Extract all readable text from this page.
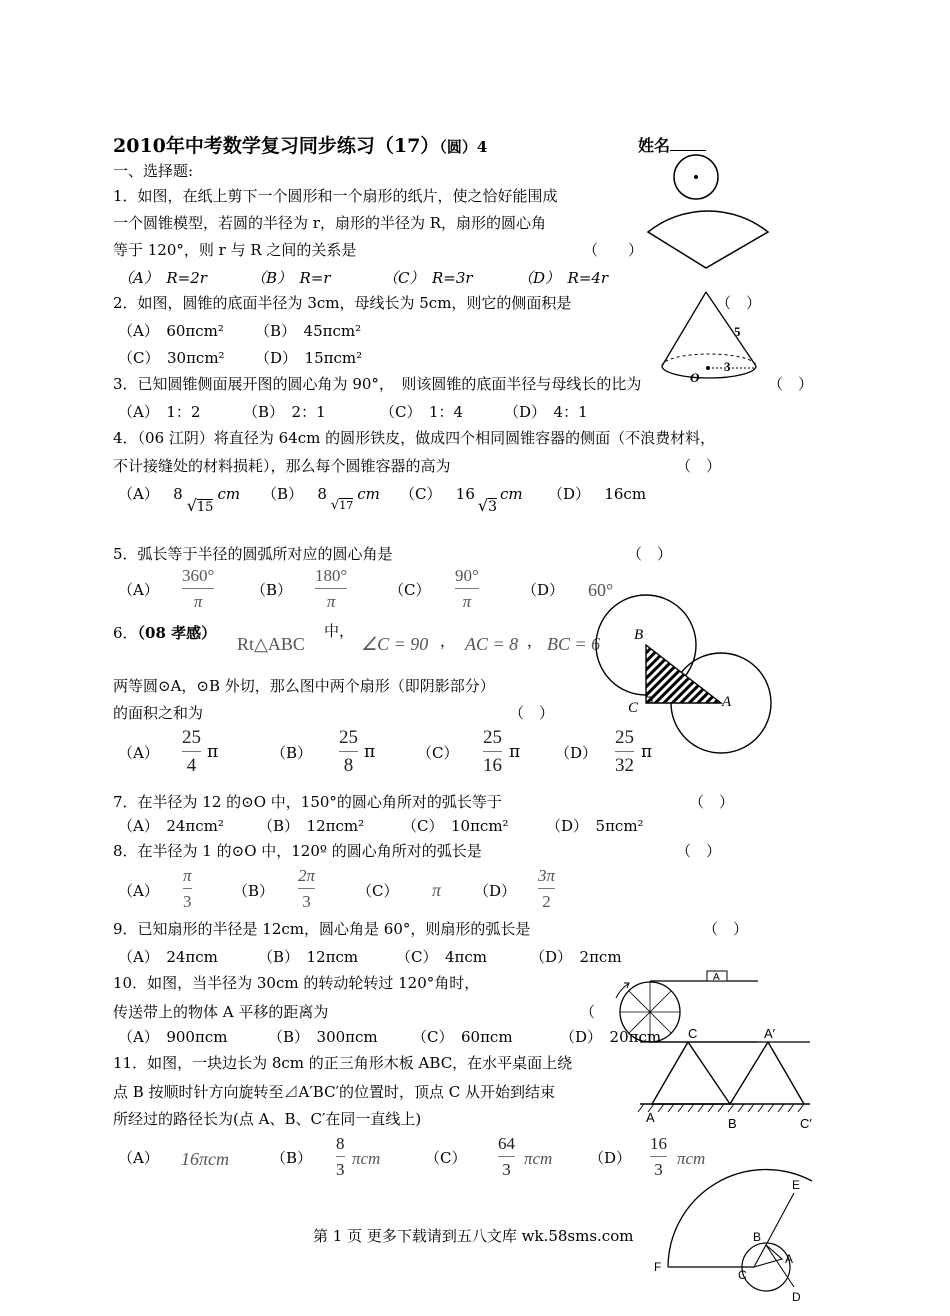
2010年中考数学复习同步练习（17）（圆）4	姓名
一、选择题:
1．如图，在纸上剪下一个圆形和一个扇形的纸片，使之恰好能围成
一个圆锥模型，若圆的半径为 r，扇形的半径为 R，扇形的圆心角
等于 120°，则 r 与 R 之间的关系是	（　　）
（A）　R=2r	（B）　R=r	（C）　R=3r	（D）　R=4r
2．如图，圆锥的底面半径为 3cm，母线长为 5cm，则它的侧面积是	（　）
（A）　60πcm² （B）　45πcm²
（C）　30πcm² （D）　15πcm²
5
3
O
3．已知圆锥侧面展开图的圆心角为 90°，　则该圆锥的底面半径与母线长的比为	（　）
（A）　1：2	（B）　2：1	（C）　1：4	（D）　4：1
4．（06 江阴）将直径为 64cm 的圆形铁皮，做成四个相同圆锥容器的侧面（不浪费材料，
不计接缝处的材料损耗），那么每个圆锥容器的高为	（　）
（A） 8√15cm （B） 8√17cm （C） 16√3cm （D） 16cm
5．弧长等于半径的圆弧所对应的圆心角是	（　）
（A）
360°
π
（B）
180°
π
（C）
90°
π
（D） 60°
6．（08 孝感）
Rt△ABC
中，
∠C = 90 ， AC = 8 ， BC = 6
两等圆⊙A，⊙B 外切，那么图中两个扇形（即阴影部分）
的面积之和为	（　）
（A）
25
4
π	（B）
25
8
π	（C）
25
16
π （D）
25
32
π
B
A
C
7．在半径为 12 的⊙O 中，150°的圆心角所对的弧长等于	（　）
（A）　24πcm² （B）　12πcm²	（C）　10πcm² （D）　5πcm²
8．在半径为 1 的⊙O 中，120º 的圆心角所对的弧长是	（　）
（A）
π
3
（B）
2π
3
（C） π （D）
3π
2
9．已知扇形的半径是 12cm，圆心角是 60°，则扇形的弧长是	（　）
（A）　24πcm	（B）　12πcm	（C）　4πcm	（D）　2πcm
10．如图，当半径为 30cm 的转动轮转过 120°角时，
传送带上的物体 A 平移的距离为	（
（A）　900πcm	（B）　300πcm （C）　60πcm	（D）　20πcm
A
11．如图，一块边长为 8cm 的正三角形木板 ABC，在水平桌面上绕
点 B 按顺时针方向旋转至⊿A′BC′的位置时，顶点 C 从开始到结束
所经过的路径长为(点 A、B、C′在同一直线上)
（A） 16πcm	（B）
8
3
πcm	（C）
64
3
πcm （D）
16
3
πcm
C	A′
A	B	C′
E
B
A
F
C
D
第 1 页 更多下载请到五八文库 wk.58sms.com
